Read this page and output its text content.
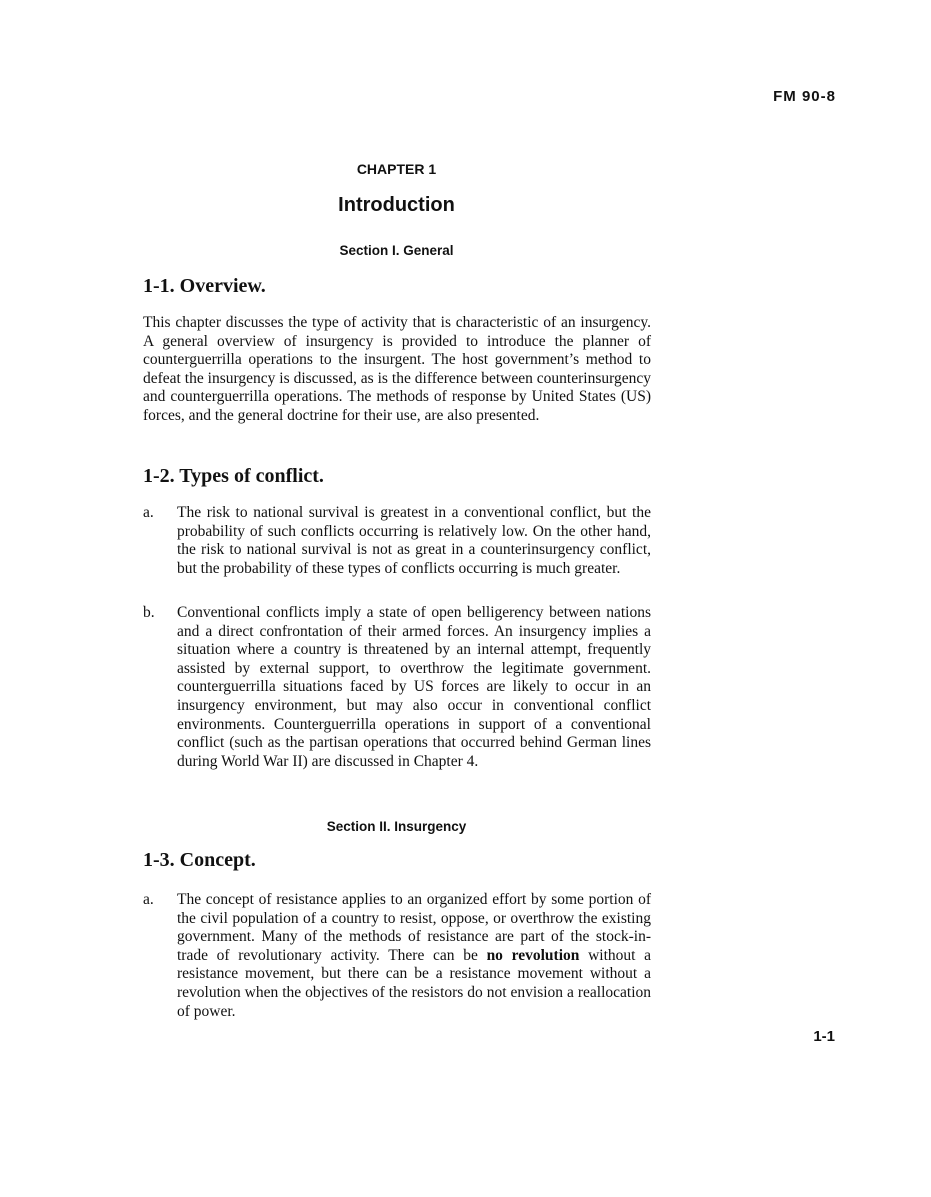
FM 90-8
CHAPTER 1
Introduction
Section I. General
1-1. Overview.
This chapter discusses the type of activity that is characteristic of an insurgency. A general overview of insurgency is provided to introduce the planner of counterguerrilla operations to the insurgent. The host government’s method to defeat the insurgency is discussed, as is the difference between counterinsurgency and counterguerrilla operations. The methods of response by United States (US) forces, and the general doctrine for their use, are also presented.
1-2. Types of conflict.
a. The risk to national survival is greatest in a conventional conflict, but the probability of such conflicts occurring is relatively low. On the other hand, the risk to national survival is not as great in a counterinsurgency conflict, but the probability of these types of conflicts occurring is much greater.
b. Conventional conflicts imply a state of open belligerency between nations and a direct confrontation of their armed forces. An insurgency implies a situation where a country is threatened by an internal attempt, frequently assisted by external support, to overthrow the legitimate government. counterguerrilla situations faced by US forces are likely to occur in an insurgency environment, but may also occur in conventional conflict environments. Counterguerrilla operations in support of a conventional conflict (such as the partisan operations that occurred behind German lines during World War II) are discussed in Chapter 4.
Section II. Insurgency
1-3. Concept.
a. The concept of resistance applies to an organized effort by some portion of the civil population of a country to resist, oppose, or overthrow the existing government. Many of the methods of resistance are part of the stock-in-trade of revolutionary activity. There can be no revolution without a resistance movement, but there can be a resistance movement without a revolution when the objectives of the resistors do not envision a reallocation of power.
1-1
